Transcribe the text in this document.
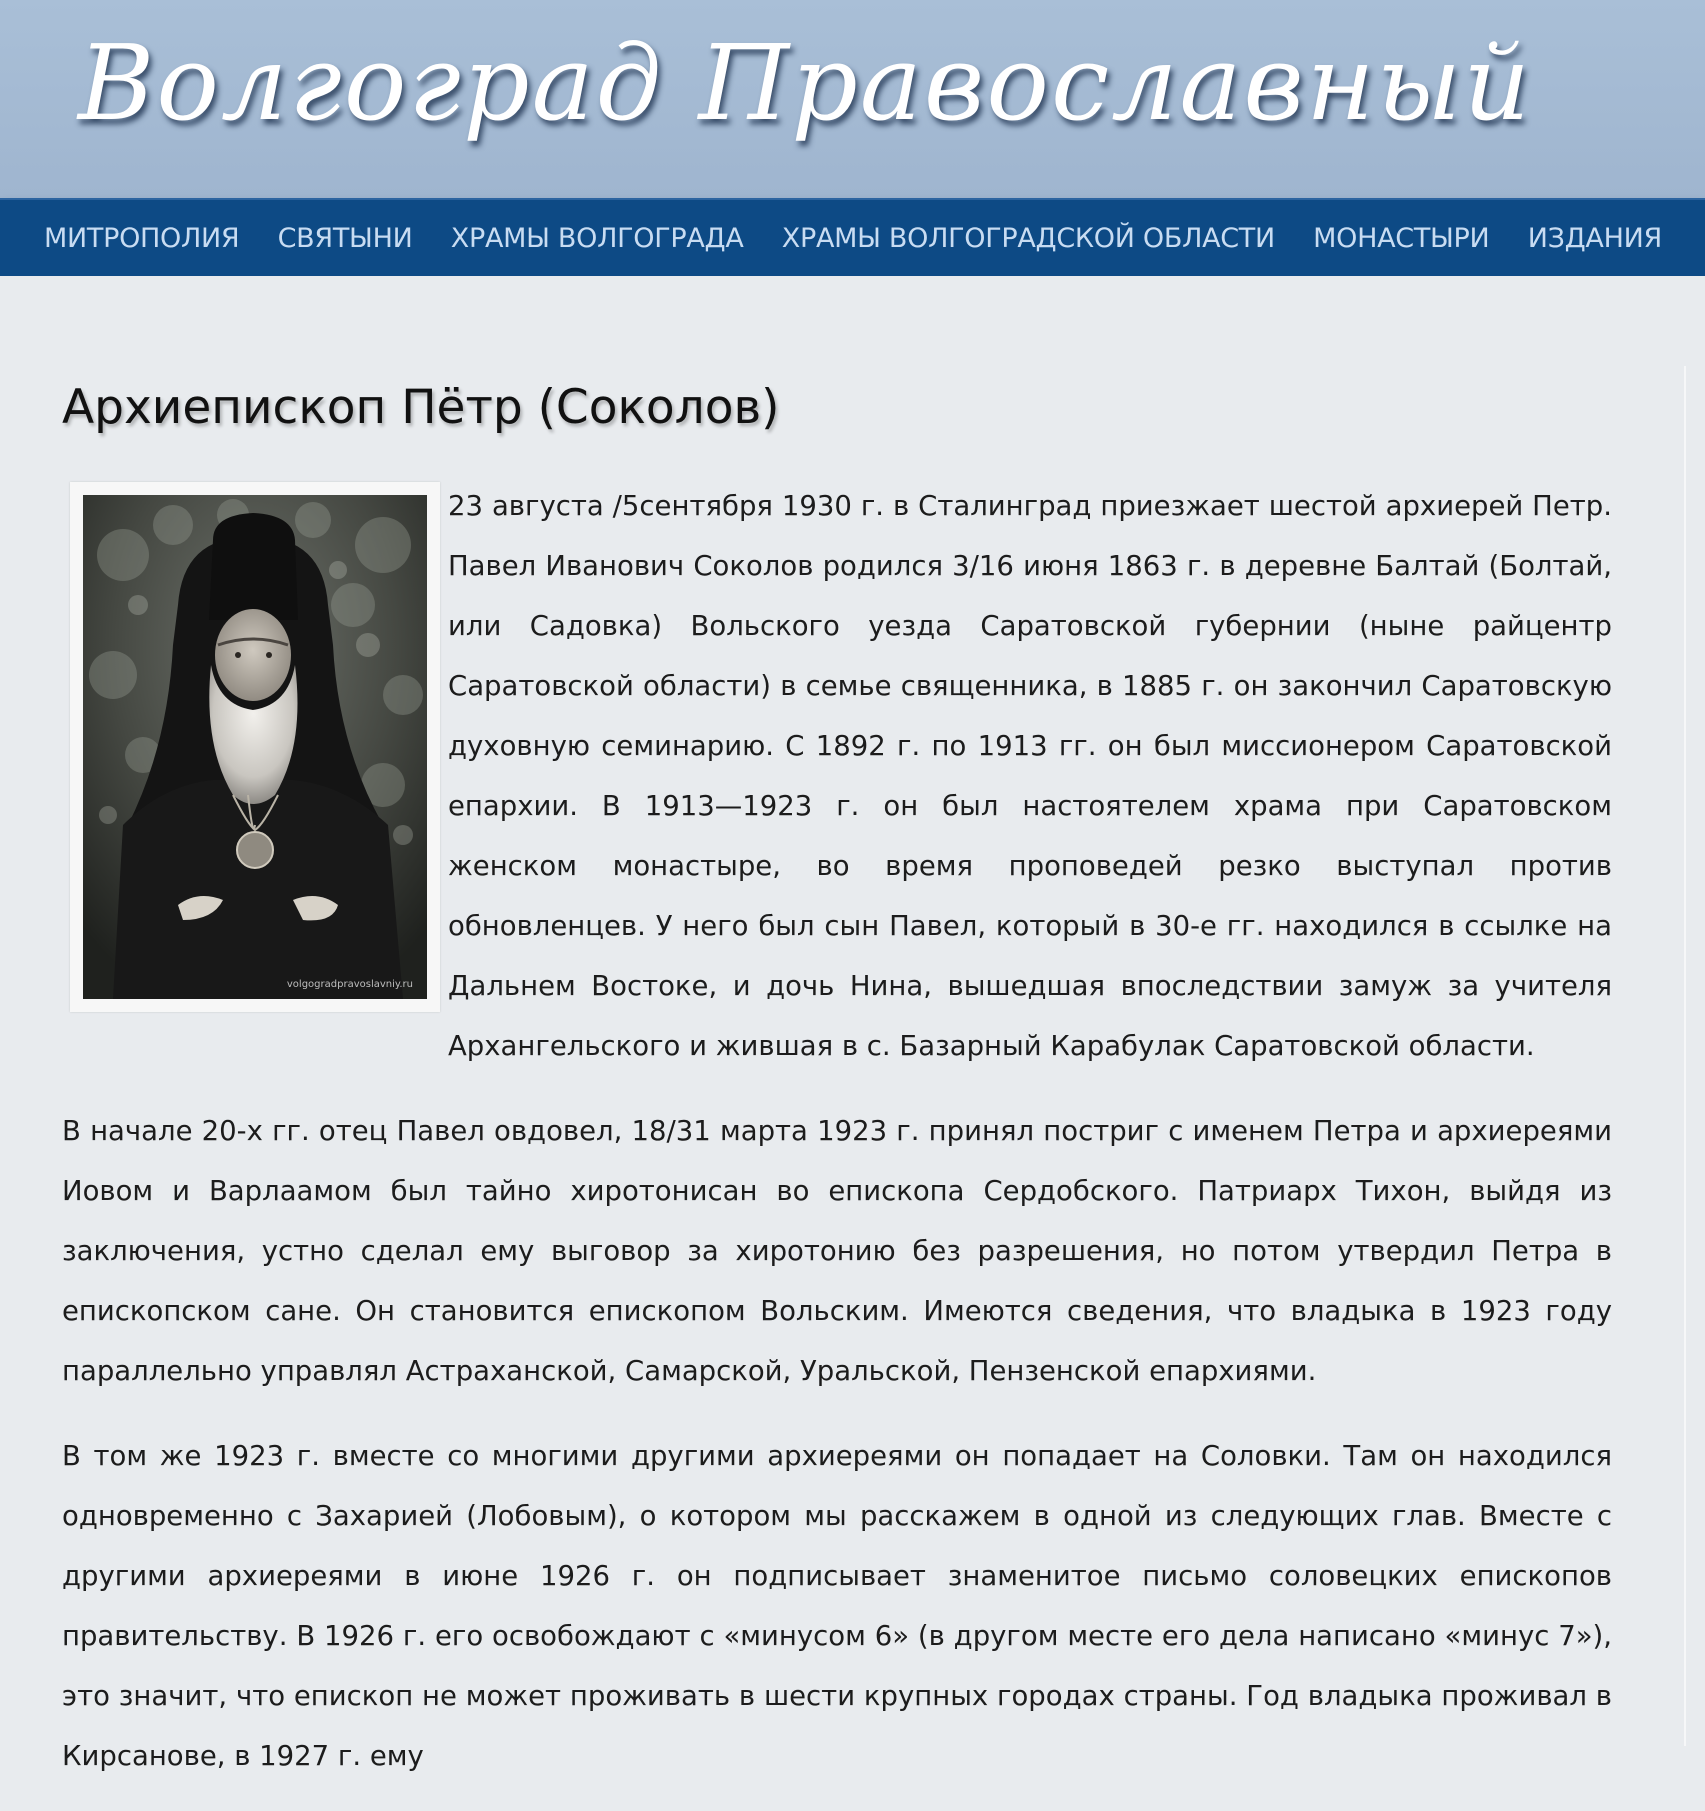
Волгоград Православный
МИТРОПОЛИЯ СВЯТЫНИ ХРАМЫ ВОЛГОГРАДА ХРАМЫ ВОЛГОГРАДСКОЙ ОБЛАСТИ МОНАСТЫРИ ИЗДАНИЯ
Архиепископ Пётр (Соколов)
volgogradpravoslavniy.ru

23 августа /5сентября 1930 г. в Сталинград приезжает шестой архиерей Петр. Павел Иванович Соколов родился 3/16 июня 1863 г. в деревне Балтай (Болтай, или Садовка) Вольского уезда Саратовской губернии (ныне райцентр Саратовской области) в семье священника, в 1885 г. он закончил Саратовскую духовную семинарию. С 1892 г. по 1913 гг. он был миссионером Саратовской епархии. В 1913—1923 г. он был настоятелем храма при Саратовском женском монастыре, во время проповедей резко выступал против обновленцев. У него был сын Павел, который в 30-е гг. находился в ссылке на Дальнем Востоке, и дочь Нина, вышедшая впоследствии замуж за учителя Архангельского и жившая в с. Базарный Карабулак Саратовской области.

В начале 20-х гг. отец Павел овдовел, 18/31 марта 1923 г. принял постриг с именем Петра и архиереями Иовом и Варлаамом был тайно хиротонисан во епископа Сердобского. Патриарх Тихон, выйдя из заключения, устно сделал ему выговор за хиротонию без разрешения, но потом утвердил Петра в епископском сане. Он становится епископом Вольским. Имеются сведения, что владыка в 1923 году параллельно управлял Астраханской, Самарской, Уральской, Пензенской епархиями.

В том же 1923 г. вместе со многими другими архиереями он попадает на Соловки. Там он находился одновременно с Захарией (Лобовым), о котором мы расскажем в одной из следующих глав. Вместе с другими архиереями в июне 1926 г. он подписывает знаменитое письмо соловецких епископов правительству. В 1926 г. его освобождают с «минусом 6» (в другом месте его дела написано «минус 7»), это значит, что епископ не может проживать в шести крупных городах страны. Год владыка проживал в Кирсанове, в 1927 г. ему
